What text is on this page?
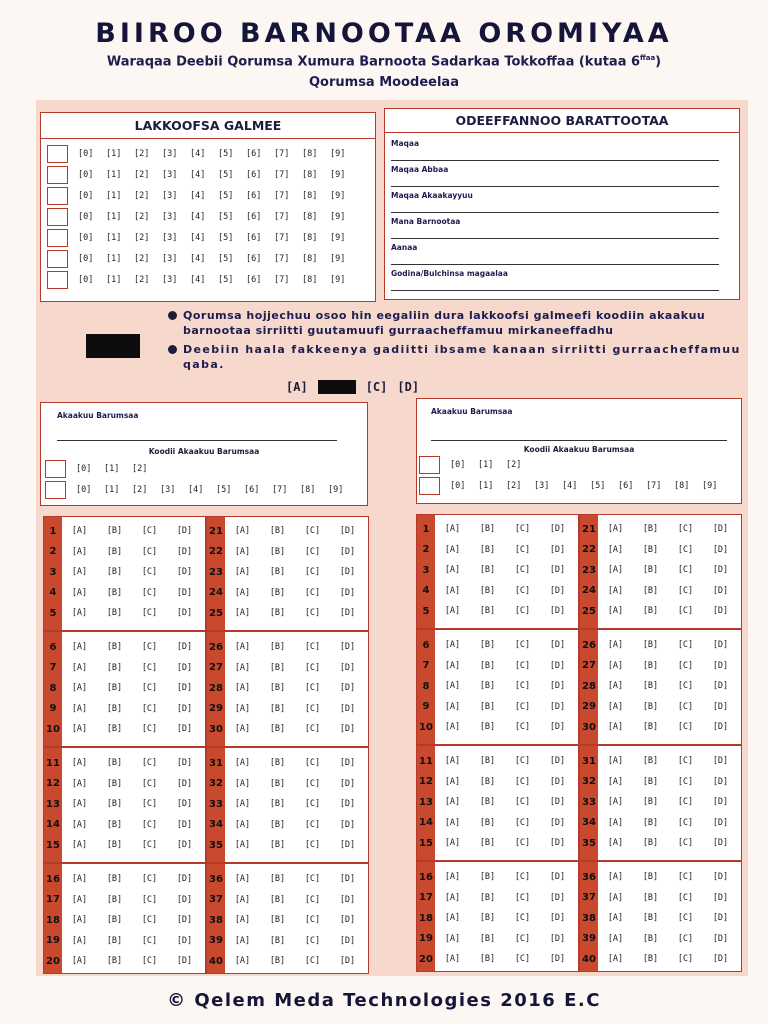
BIIROO BARNOOTAA OROMIYAA
Waraqaa Deebii Qorumsa Xumura Barnoota Sadarkaa Tokkoffaa (kutaa $6^{ffaa}$)
Qorumsa Moodeelaa
LAKKOOFSA GALMEE
[0]	[1]	[2]	[3]	[4]	[5]	[6]	[7]	[8]	[9]
[0]	[1]	[2]	[3]	[4]	[5]	[6]	[7]	[8]	[9]
[0]	[1]	[2]	[3]	[4]	[5]	[6]	[7]	[8]	[9]
[0]	[1]	[2]	[3]	[4]	[5]	[6]	[7]	[8]	[9]
[0]	[1]	[2]	[3]	[4]	[5]	[6]	[7]	[8]	[9]
[0]	[1]	[2]	[3]	[4]	[5]	[6]	[7]	[8]	[9]
[0]	[1]	[2]	[3]	[4]	[5]	[6]	[7]	[8]	[9]
ODEEFFANNOO BARATTOOTAA
Maqaa
Maqaa Abbaa
Maqaa Akaakayyuu
Mana Barnootaa
Aanaa
Godina/Bulchinsa magaalaa
Qorumsa hojjechuu osoo hin eegaliin dura lakkoofsi galmeefi koodiin akaakuu barnootaa sirriitti guutamuufi gurraacheffamuu mirkaneeffadhu
Deebiin haala fakkeenya gadiitti ibsame kanaan sirriitti gurraacheffamuu qaba.
[A]	[C] [D]
Akaakuu Barumsaa
Koodii Akaakuu Barumsaa
[0]	[1]	[2]
[0]	[1]	[2]	[3]	[4]	[5]	[6]	[7]	[8]	[9]
Akaakuu Barumsaa
Koodii Akaakuu Barumsaa
[0]	[1]	[2]
[0]	[1]	[2]	[3]	[4]	[5]	[6]	[7]	[8]	[9]
1	[A]	[B]	[C]	[D]
2	[A]	[B]	[C]	[D]
3	[A]	[B]	[C]	[D]
4	[A]	[B]	[C]	[D]
5	[A]	[B]	[C]	[D]
6	[A]	[B]	[C]	[D]
7	[A]	[B]	[C]	[D]
8	[A]	[B]	[C]	[D]
9	[A]	[B]	[C]	[D]
10	[A]	[B]	[C]	[D]
11	[A]	[B]	[C]	[D]
12	[A]	[B]	[C]	[D]
13	[A]	[B]	[C]	[D]
14	[A]	[B]	[C]	[D]
15	[A]	[B]	[C]	[D]
16	[A]	[B]	[C]	[D]
17	[A]	[B]	[C]	[D]
18	[A]	[B]	[C]	[D]
19	[A]	[B]	[C]	[D]
20	[A]	[B]	[C]	[D]
21	[A]	[B]	[C]	[D]
22	[A]	[B]	[C]	[D]
23	[A]	[B]	[C]	[D]
24	[A]	[B]	[C]	[D]
25	[A]	[B]	[C]	[D]
26	[A]	[B]	[C]	[D]
27	[A]	[B]	[C]	[D]
28	[A]	[B]	[C]	[D]
29	[A]	[B]	[C]	[D]
30	[A]	[B]	[C]	[D]
31	[A]	[B]	[C]	[D]
32	[A]	[B]	[C]	[D]
33	[A]	[B]	[C]	[D]
34	[A]	[B]	[C]	[D]
35	[A]	[B]	[C]	[D]
36	[A]	[B]	[C]	[D]
37	[A]	[B]	[C]	[D]
38	[A]	[B]	[C]	[D]
39	[A]	[B]	[C]	[D]
40	[A]	[B]	[C]	[D]
1	[A]	[B]	[C]	[D]
2	[A]	[B]	[C]	[D]
3	[A]	[B]	[C]	[D]
4	[A]	[B]	[C]	[D]
5	[A]	[B]	[C]	[D]
6	[A]	[B]	[C]	[D]
7	[A]	[B]	[C]	[D]
8	[A]	[B]	[C]	[D]
9	[A]	[B]	[C]	[D]
10	[A]	[B]	[C]	[D]
11	[A]	[B]	[C]	[D]
12	[A]	[B]	[C]	[D]
13	[A]	[B]	[C]	[D]
14	[A]	[B]	[C]	[D]
15	[A]	[B]	[C]	[D]
16	[A]	[B]	[C]	[D]
17	[A]	[B]	[C]	[D]
18	[A]	[B]	[C]	[D]
19	[A]	[B]	[C]	[D]
20	[A]	[B]	[C]	[D]
21	[A]	[B]	[C]	[D]
22	[A]	[B]	[C]	[D]
23	[A]	[B]	[C]	[D]
24	[A]	[B]	[C]	[D]
25	[A]	[B]	[C]	[D]
26	[A]	[B]	[C]	[D]
27	[A]	[B]	[C]	[D]
28	[A]	[B]	[C]	[D]
29	[A]	[B]	[C]	[D]
30	[A]	[B]	[C]	[D]
31	[A]	[B]	[C]	[D]
32	[A]	[B]	[C]	[D]
33	[A]	[B]	[C]	[D]
34	[A]	[B]	[C]	[D]
35	[A]	[B]	[C]	[D]
36	[A]	[B]	[C]	[D]
37	[A]	[B]	[C]	[D]
38	[A]	[B]	[C]	[D]
39	[A]	[B]	[C]	[D]
40	[A]	[B]	[C]	[D]
© Qelem Meda Technologies 2016 E.C
